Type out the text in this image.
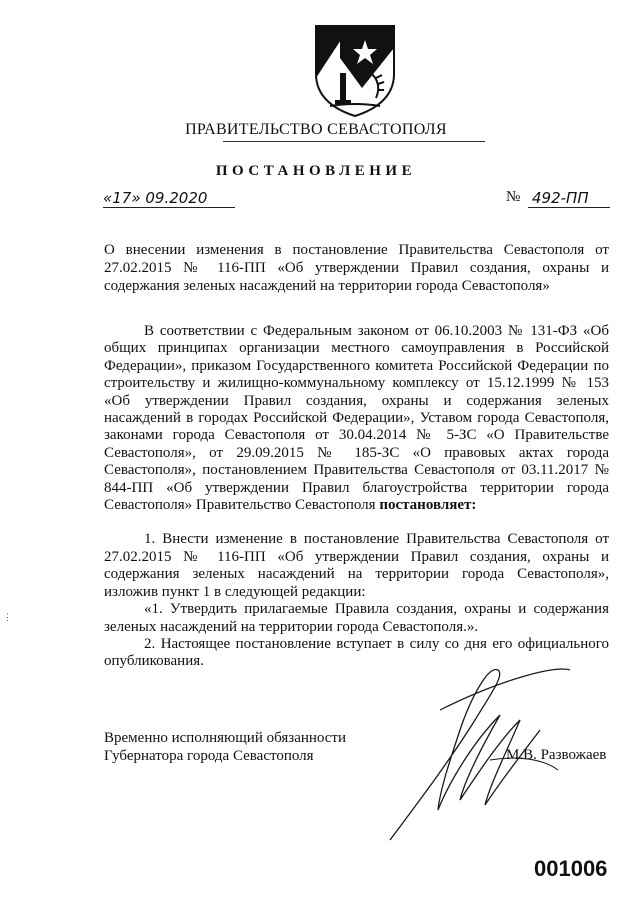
ПРАВИТЕЛЬСТВО СЕВАСТОПОЛЯ
ПОСТАНОВЛЕНИЕ
«17» 09.2020	№ 492-ПП
О внесении изменения в постановление Правительства Севастополя от 27.02.2015 № 116-ПП «Об утверждении Правил создания, охраны и содержания зеленых насаждений на территории города Севастополя»

В соответствии с Федеральным законом от 06.10.2003 № 131-ФЗ «Об общих принципах организации местного самоуправления в Российской Федерации», приказом Государственного комитета Российской Федерации по строительству и жилищно-коммунальному комплексу от 15.12.1999 № 153 «Об утверждении Правил создания, охраны и содержания зеленых насаждений в городах Российской Федерации», Уставом города Севастополя, законами города Севастополя от 30.04.2014 № 5-ЗС «О Правительстве Севастополя», от 29.09.2015 № 185-ЗС «О правовых актах города Севастополя», постановлением Правительства Севастополя от 03.11.2017 № 844-ПП «Об утверждении Правил благоустройства территории города Севастополя» Правительство Севастополя постановляет:

1. Внести изменение в постановление Правительства Севастополя от 27.02.2015 № 116-ПП «Об утверждении Правил создания, охраны и содержания зеленых насаждений на территории города Севастополя», изложив пункт 1 в следующей редакции:

«1. Утвердить прилагаемые Правила создания, охраны и содержания зеленых насаждений на территории города Севастополя.».

2. Настоящее постановление вступает в силу со дня его официального опубликования.

Временно исполняющий обязанности
Губернатора города Севастополя	М.В. Развожаев
⋮
001006
